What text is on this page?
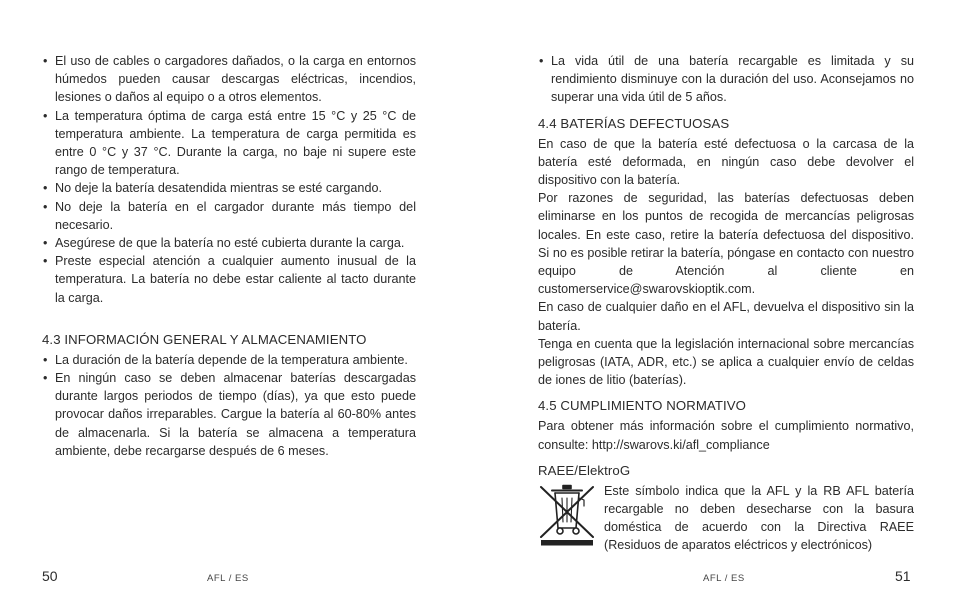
• El uso de cables o cargadores dañados, o la carga en entornos húmedos pueden causar descargas eléctricas, incendios, lesiones o daños al equipo o a otros elementos.
• La temperatura óptima de carga está entre 15 °C y 25 °C de temperatura ambiente. La temperatura de carga permitida es entre 0 °C y 37 °C. Durante la carga, no baje ni supere este rango de temperatura.
• No deje la batería desatendida mientras se esté cargando.
• No deje la batería en el cargador durante más tiempo del necesario.
• Asegúrese de que la batería no esté cubierta durante la carga.
• Preste especial atención a cualquier aumento inusual de la temperatura. La batería no debe estar caliente al tacto durante la carga.
4.3 INFORMACIÓN GENERAL Y ALMACENAMIENTO
• La duración de la batería depende de la temperatura ambiente.
• En ningún caso se deben almacenar baterías descargadas durante largos periodos de tiempo (días), ya que esto puede provocar daños irreparables. Cargue la batería al 60-80% antes de almacenarla. Si la batería se almacena a temperatura ambiente, debe recargarse después de 6 meses.
50	AFL / ES
• La vida útil de una batería recargable es limitada y su rendimiento disminuye con la duración del uso. Aconsejamos no superar una vida útil de 5 años.
4.4 BATERÍAS DEFECTUOSAS

En caso de que la batería esté defectuosa o la carcasa de la batería esté deformada, en ningún caso debe devolver el dispositivo con la batería.

Por razones de seguridad, las baterías defectuosas deben eliminarse en los puntos de recogida de mercancías peligrosas locales. En este caso, retire la batería defectuosa del dispositivo. Si no es posible retirar la batería, póngase en contacto con nuestro equipo de Atención al cliente en customerservice@swarovskioptik.com.

En caso de cualquier daño en el AFL, devuelva el dispositivo sin la batería.

Tenga en cuenta que la legislación internacional sobre mercancías peligrosas (IATA, ADR, etc.) se aplica a cualquier envío de celdas de iones de litio (baterías).

4.5 CUMPLIMIENTO NORMATIVO

Para obtener más información sobre el cumplimiento normativo, consulte: http://swarovs.ki/afl_compliance

RAEE/ElektroG

Este símbolo indica que la AFL y la RB AFL batería recargable no deben desecharse con la basura doméstica de acuerdo con la Directiva RAEE (Residuos de aparatos eléctricos y electrónicos)

AFL / ES	51
